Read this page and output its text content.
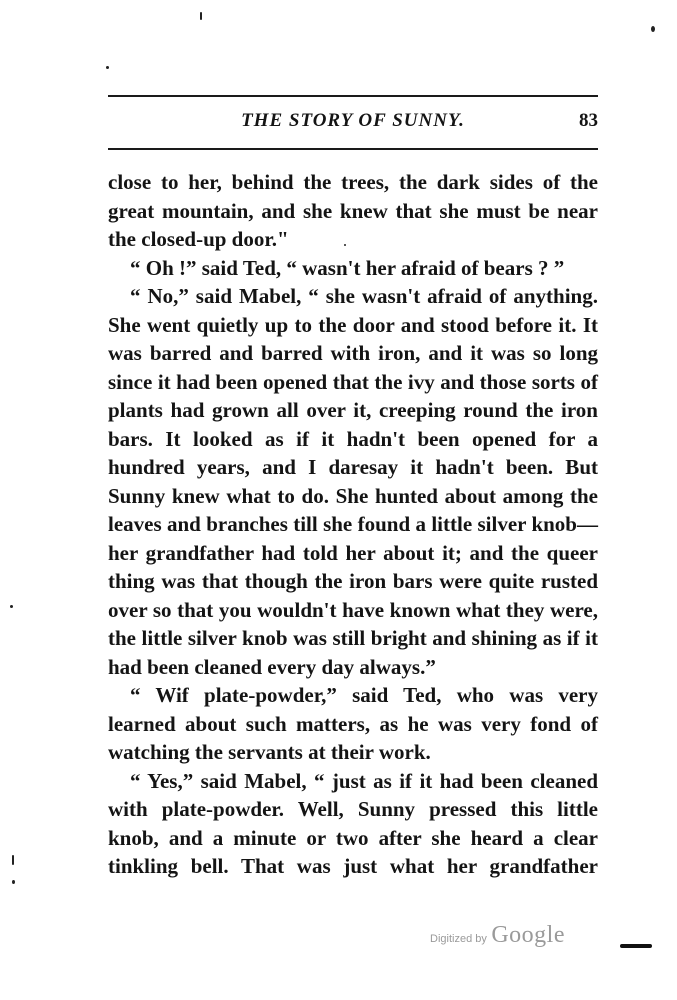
THE STORY OF SUNNY.	83

close to her, behind the trees, the dark sides of the great mountain, and she knew that she must be near the closed-up door."

“ Oh !” said Ted, “ wasn't her afraid of bears ? ”

“ No,” said Mabel, “ she wasn't afraid of anything. She went quietly up to the door and stood before it. It was barred and barred with iron, and it was so long since it had been opened that the ivy and those sorts of plants had grown all over it, creeping round the iron bars. It looked as if it hadn't been opened for a hundred years, and I daresay it hadn't been. But Sunny knew what to do. She hunted about among the leaves and branches till she found a little silver knob—her grandfather had told her about it; and the queer thing was that though the iron bars were quite rusted over so that you wouldn't have known what they were, the little silver knob was still bright and shining as if it had been cleaned every day always.”

“ Wif plate-powder,” said Ted, who was very learned about such matters, as he was very fond of watching the servants at their work.

“ Yes,” said Mabel, “ just as if it had been cleaned with plate-powder. Well, Sunny pressed this little knob, and a minute or two after she heard a clear tinkling bell. That was just what her grandfather

Digitized by Google
